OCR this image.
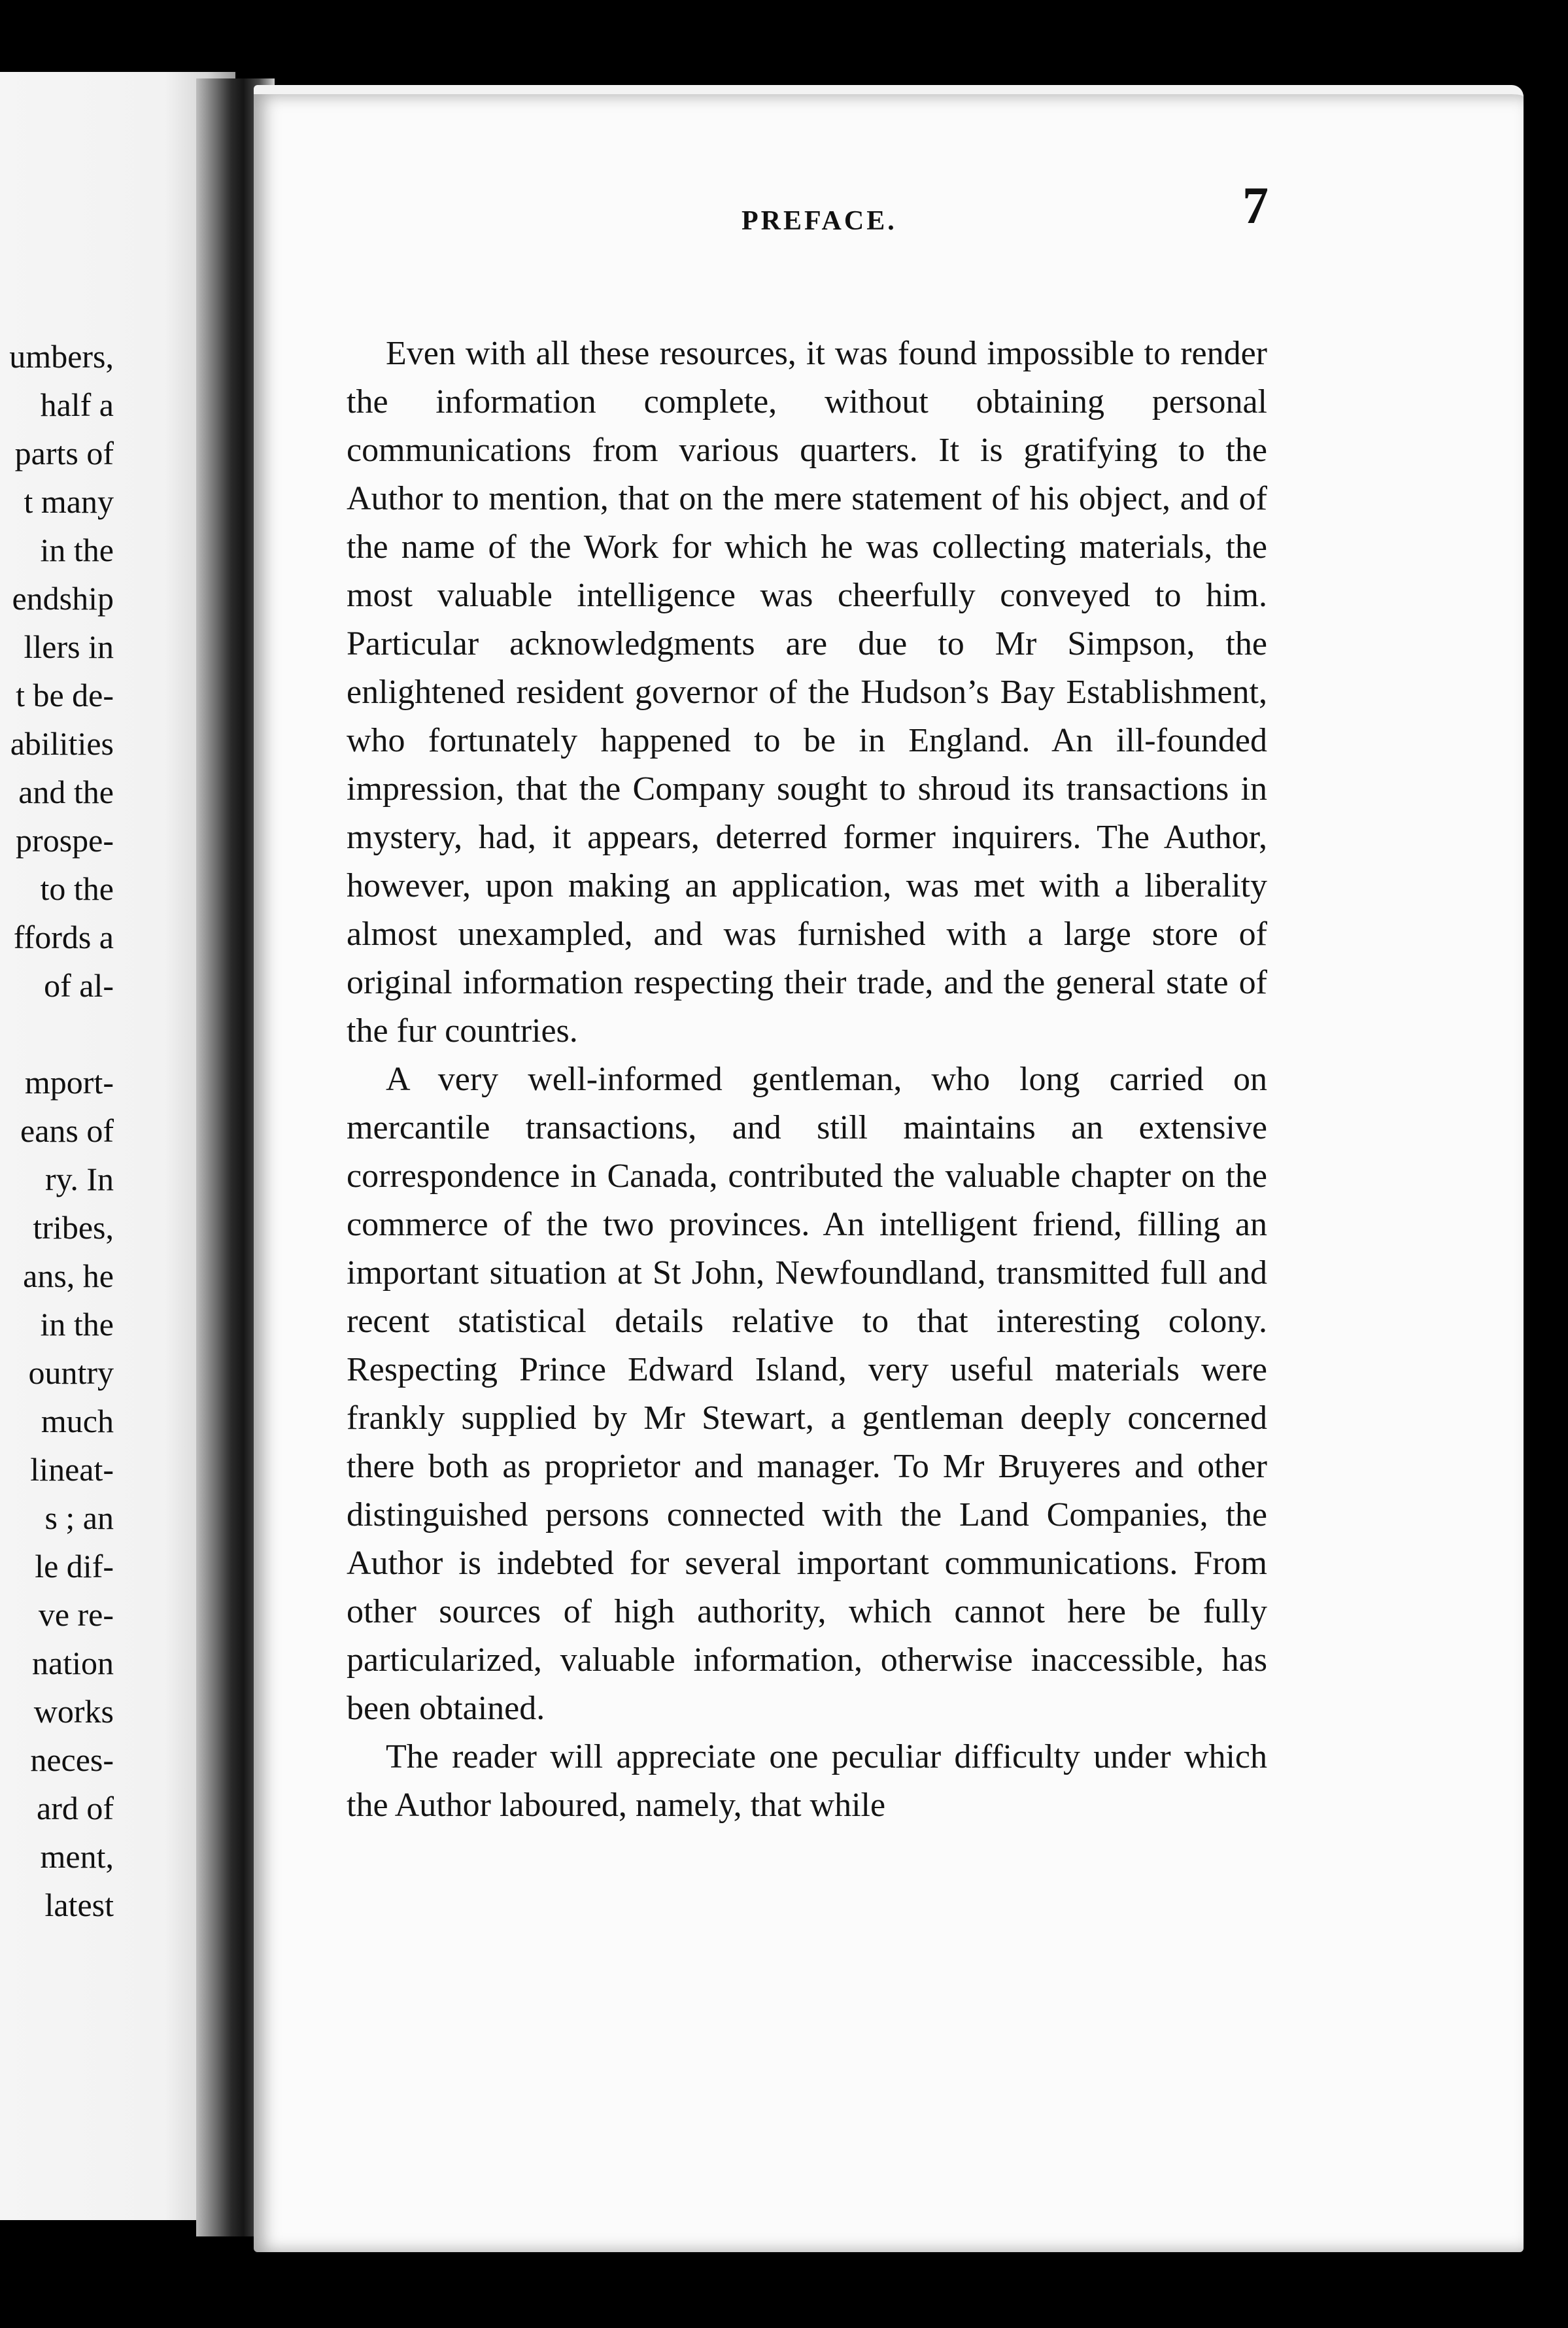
umbers,
half a
parts of
t many
in the
endship
llers in
t be de-
abilities
and the
prospe-
to the
ffords a
of al-
mport-
eans of
ry. In
tribes,
ans, he
in the
ountry
much
lineat-
s ; an
le dif-
ve re-
nation
works
neces-
ard of
ment,
latest
PREFACE.	7

Even with all these resources, it was found impossible to render the information complete, without obtaining personal communications from various quarters. It is gratifying to the Author to mention, that on the mere statement of his object, and of the name of the Work for which he was collecting materials, the most valuable intelligence was cheerfully conveyed to him. Particular acknowledgments are due to Mr Simpson, the enlightened resident governor of the Hudson’s Bay Establishment, who fortunately happened to be in England. An ill-founded impression, that the Company sought to shroud its transactions in mystery, had, it appears, deterred former inquirers. The Author, however, upon making an application, was met with a liberality almost unexampled, and was furnished with a large store of original information respecting their trade, and the general state of the fur countries.

A very well-informed gentleman, who long carried on mercantile transactions, and still maintains an extensive correspondence in Canada, contributed the valuable chapter on the commerce of the two provinces. An intelligent friend, filling an important situation at St John, Newfoundland, transmitted full and recent statistical details relative to that interesting colony. Respecting Prince Edward Island, very useful materials were frankly supplied by Mr Stewart, a gentleman deeply concerned there both as proprietor and manager. To Mr Bruyeres and other distinguished persons connected with the Land Companies, the Author is indebted for several important communications. From other sources of high authority, which cannot here be fully particularized, valuable information, otherwise inaccessible, has been obtained.

The reader will appreciate one peculiar difficulty under which the Author laboured, namely, that while
